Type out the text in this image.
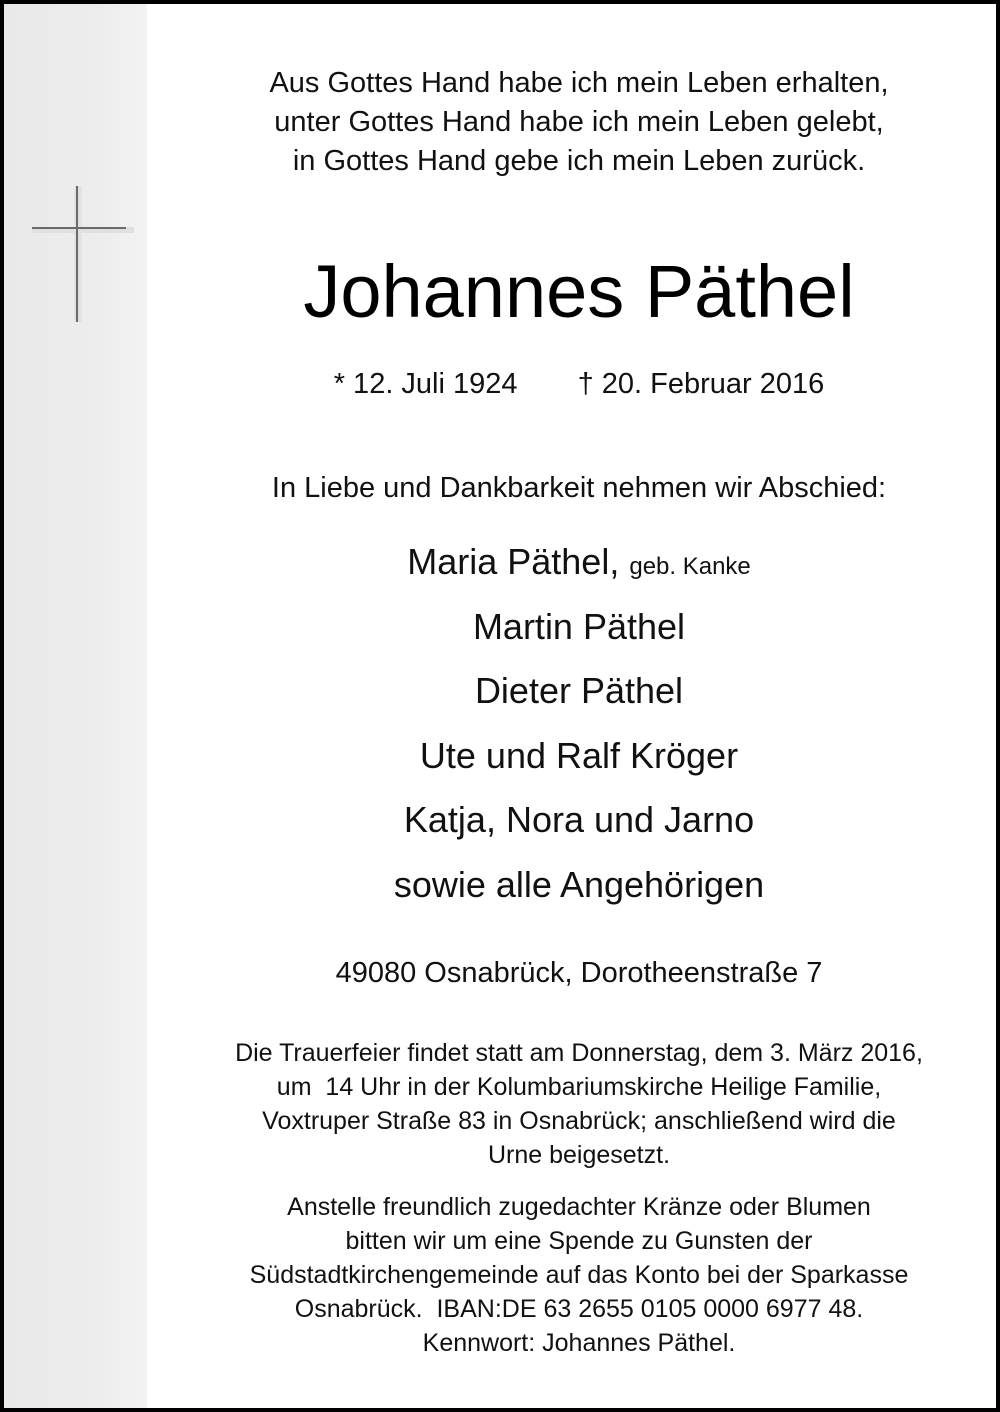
Aus Gottes Hand habe ich mein Leben erhalten,
unter Gottes Hand habe ich mein Leben gelebt,
in Gottes Hand gebe ich mein Leben zurück.
Johannes Päthel
* 12. Juli 1924 † 20. Februar 2016
In Liebe und Dankbarkeit nehmen wir Abschied:
Maria Päthel, geb. Kanke
Martin Päthel
Dieter Päthel
Ute und Ralf Kröger
Katja, Nora und Jarno
sowie alle Angehörigen
49080 Osnabrück, Dorotheenstraße 7
Die Trauerfeier findet statt am Donnerstag, dem 3. März 2016,
um  14 Uhr in der Kolumbariumskirche Heilige Familie,
Voxtruper Straße 83 in Osnabrück; anschließend wird die
Urne beigesetzt.
Anstelle freundlich zugedachter Kränze oder Blumen
bitten wir um eine Spende zu Gunsten der
Südstadtkirchengemeinde auf das Konto bei der Sparkasse
Osnabrück.  IBAN:DE 63 2655 0105 0000 6977 48.
Kennwort: Johannes Päthel.
